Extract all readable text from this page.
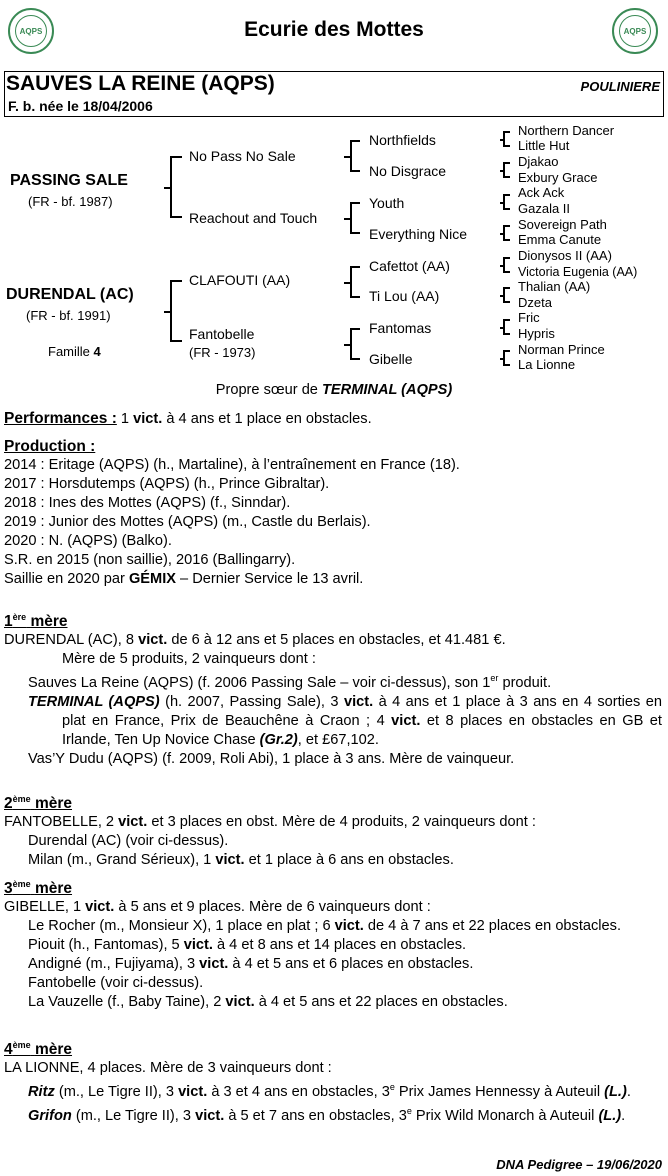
AQPS	AQPS
Ecurie des Mottes
SAUVES LA REINE (AQPS)	POULINIERE
F. b. née le 18/04/2006
PASSING SALE
(FR - bf. 1987)
DURENDAL (AC)
(FR - bf. 1991)
Famille 4
No Pass No Sale
Reachout and Touch
CLAFOUTI (AA)
Fantobelle
(FR - 1973)
Northfields
No Disgrace
Youth
Everything Nice
Cafettot (AA)
Ti Lou (AA)
Fantomas
Gibelle
Northern Dancer
Little Hut
Djakao
Exbury Grace
Ack Ack
Gazala II
Sovereign Path
Emma Canute
Dionysos II (AA)
Victoria Eugenia (AA)
Thalian (AA)
Dzeta
Fric
Hypris
Norman Prince
La Lionne
Propre sœur de TERMINAL (AQPS)
Performances : 1 vict. à 4 ans et 1 place en obstacles.
Production :
2014 : Eritage (AQPS) (h., Martaline), à l’entraînement en France (18).
2017 : Horsdutemps (AQPS) (h., Prince Gibraltar).
2018 : Ines des Mottes (AQPS) (f., Sinndar).
2019 : Junior des Mottes (AQPS) (m., Castle du Berlais).
2020 : N. (AQPS) (Balko).
S.R. en 2015 (non saillie), 2016 (Ballingarry).
Saillie en 2020 par GÉMIX – Dernier Service le 13 avril.
1ère mère
DURENDAL (AC), 8 vict. de 6 à 12 ans et 5 places en obstacles, et 41.481 €.
Mère de 5 produits, 2 vainqueurs dont :
Sauves La Reine (AQPS) (f. 2006 Passing Sale – voir ci-dessus), son 1er produit.
TERMINAL (AQPS) (h. 2007, Passing Sale), 3 vict. à 4 ans et 1 place à 3 ans en 4 sorties en plat en France, Prix de Beauchêne à Craon ; 4 vict. et 8 places en obstacles en GB et Irlande, Ten Up Novice Chase (Gr.2), et £67,102.
Vas’Y Dudu (AQPS) (f. 2009, Roli Abi), 1 place à 3 ans. Mère de vainqueur.
2ème mère
FANTOBELLE, 2 vict. et 3 places en obst. Mère de 4 produits, 2 vainqueurs dont :
Durendal (AC) (voir ci-dessus).
Milan (m., Grand Sérieux), 1 vict. et 1 place à 6 ans en obstacles.
3ème mère
GIBELLE, 1 vict. à 5 ans et 9 places. Mère de 6 vainqueurs dont :
Le Rocher (m., Monsieur X), 1 place en plat ; 6 vict. de 4 à 7 ans et 22 places en obstacles.
Piouit (h., Fantomas), 5 vict. à 4 et 8 ans et 14 places en obstacles.
Andigné (m., Fujiyama), 3 vict. à 4 et 5 ans et 6 places en obstacles.
Fantobelle (voir ci-dessus).
La Vauzelle (f., Baby Taine), 2 vict. à 4 et 5 ans et 22 places en obstacles.
4ème mère
LA LIONNE, 4 places. Mère de 3 vainqueurs dont :
Ritz (m., Le Tigre II), 3 vict. à 3 et 4 ans en obstacles, 3e Prix James Hennessy à Auteuil (L.).
Grifon (m., Le Tigre II), 3 vict. à 5 et 7 ans en obstacles, 3e Prix Wild Monarch à Auteuil (L.).
DNA Pedigree – 19/06/2020
